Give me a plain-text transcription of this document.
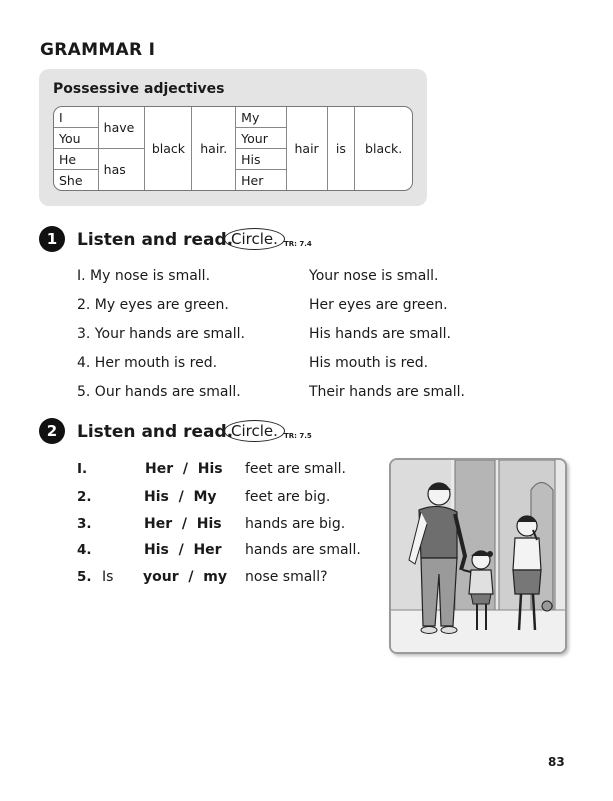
GRAMMAR I
Possessive adjectives
I	have	black	hair.	My	hair	is	black.
You				Your			
He	has			His			
She				Her			
1	Listen and read.
Circle. TR: 7.4
I. My nose is small.	Your nose is small.
2. My eyes are green.	Her eyes are green.
3. Your hands are small.	His hands are small.
4. Her mouth is red.	His mouth is red.
5. Our hands are small.	Their hands are small.
2	Listen and read.
Circle. TR: 7.5
I.	Her  /  His feet are small.
2.	His  /  My feet are big.
3.	Her  /  His hands are big.
4.	His  /  Her hands are small.
5. Is your  /  my nose small?
83
